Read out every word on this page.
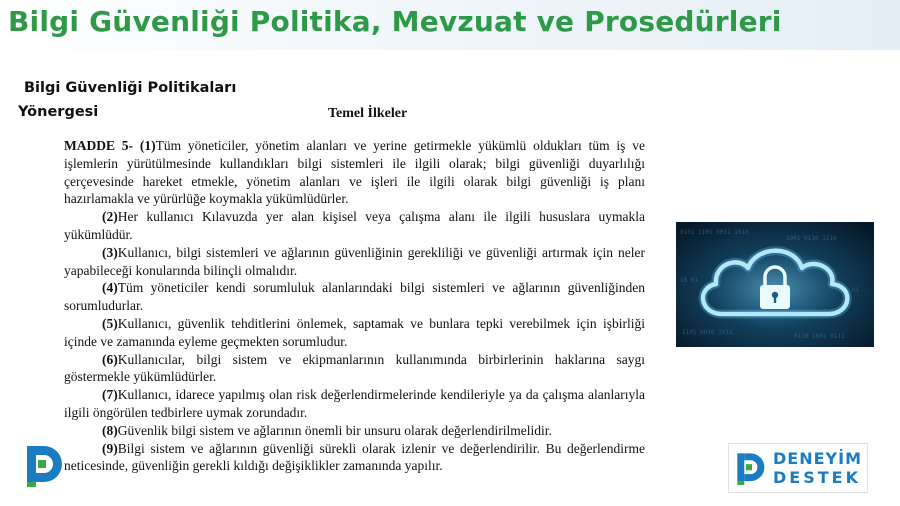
Bilgi Güvenliği Politika, Mevzuat ve Prosedürleri
Bilgi Güvenliği Politikaları
Yönergesi	Temel İlkeler

MADDE 5- (1)Tüm yöneticiler, yönetim alanları ve yerine getirmekle yükümlü oldukları tüm iş ve işlemlerin yürütülmesinde kullandıkları bilgi sistemleri ile ilgili olarak; bilgi güvenliği duyarlılığı çerçevesinde hareket etmekle, yönetim alanları ve işleri ile ilgili olarak bilgi güvenliği iş planı hazırlamakla ve yürürlüğe koymakla yükümlüdürler.

(2)Her kullanıcı Kılavuzda yer alan kişisel veya çalışma alanı ile ilgili hususlara uymakla yükümlüdür.

(3)Kullanıcı, bilgi sistemleri ve ağlarının güvenliğinin gerekliliği ve güvenliği artırmak için neler yapabileceği konularında bilinçli olmalıdır.

(4)Tüm yöneticiler kendi sorumluluk alanlarındaki bilgi sistemleri ve ağlarının güvenliğinden sorumludurlar.

(5)Kullanıcı, güvenlik tehditlerini önlemek, saptamak ve bunlara tepki verebilmek için işbirliği içinde ve zamanında eyleme geçmekten sorumludur.

(6)Kullanıcılar, bilgi sistem ve ekipmanlarının kullanımında birbirlerinin haklarına saygı göstermekle yükümlüdürler.

(7)Kullanıcı, idarece yapılmış olan risk değerlendirmelerinde kendileriyle ya da çalışma alanlarıyla ilgili öngörülen tedbirlere uymak zorundadır.

(8)Güvenlik bilgi sistem ve ağlarının önemli bir unsuru olarak değerlendirilmelidir.

(9)Bilgi sistem ve ağlarının güvenliği sürekli olarak izlenir ve değerlendirilir. Bu değerlendirme neticesinde, güvenliğin gerekli kıldığı değişiklikler zamanında yapılır.

0101 1101 0011 1010
1001 0110 1110
1101 0010 1011
0110 1001 0111
10 01
01
DENEYİM
DESTEK
